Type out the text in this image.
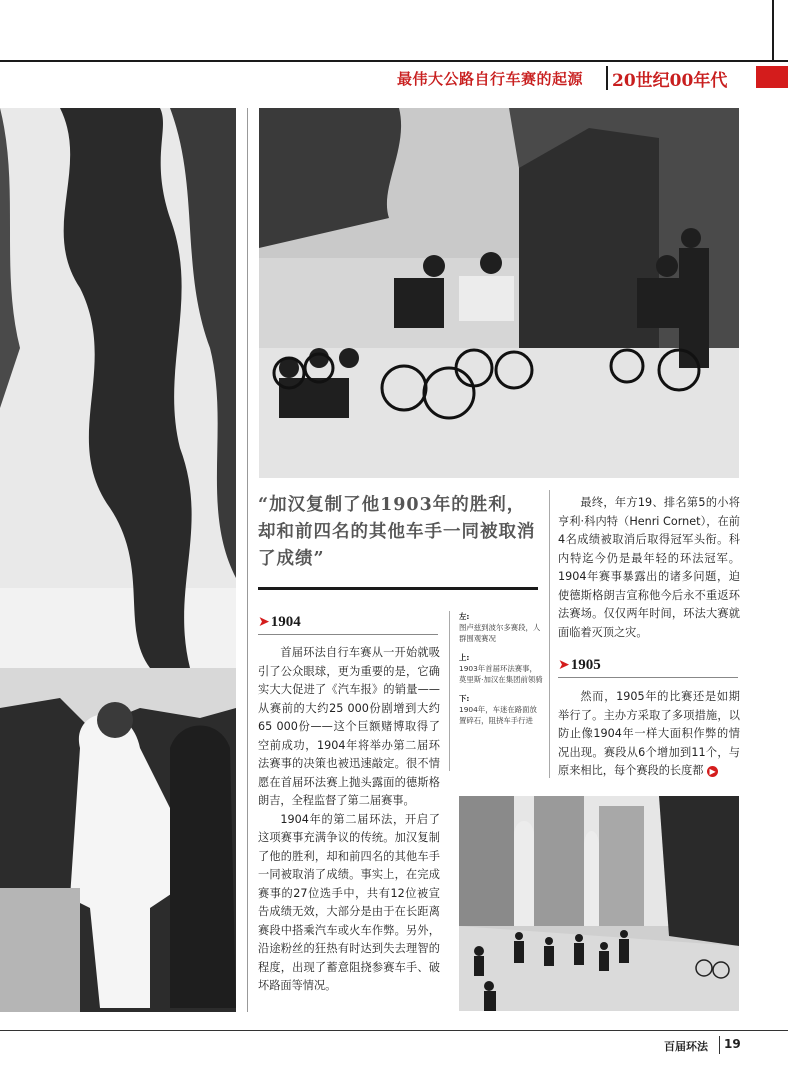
最伟大公路自行车赛的起源	20世纪00年代
“加汉复制了他1903年的胜利，却和前四名的其他车手一同被取消了成绩”
➤ 1904

首届环法自行车赛从一开始就吸引了公众眼球，更为重要的是，它确实大大促进了《汽车报》的销量——从赛前的大约25 000份剧增到大约65 000份——这个巨额赌博取得了空前成功，1904年将举办第二届环法赛事的决策也被迅速敲定。很不情愿在首届环法赛上抛头露面的德斯格朗吉，全程监督了第二届赛事。

1904年的第二届环法，开启了这项赛事充满争议的传统。加汉复制了他的胜利，却和前四名的其他车手一同被取消了成绩。事实上，在完成赛事的27位选手中，共有12位被宣告成绩无效，大部分是由于在长距离赛段中搭乘汽车或火车作弊。另外，沿途粉丝的狂热有时达到失去理智的程度，出现了蓄意阻挠参赛车手、破坏路面等情况。

左:
图卢兹到波尔多赛段，人群围观赛况
上:
1903年首届环法赛事，莫里斯·加汉在集团前领骑
下:
1904年，车迷在路面放置碎石，阻挠车手行进

最终，年方19、排名第5的小将亨利·科内特（Henri Cornet），在前4名成绩被取消后取得冠军头衔。科内特迄今仍是最年轻的环法冠军。1904年赛事暴露出的诸多问题，迫使德斯格朗吉宣称他今后永不重返环法赛场。仅仅两年时间，环法大赛就面临着灭顶之灾。

➤ 1905

然而，1905年的比赛还是如期举行了。主办方采取了多项措施，以防止像1904年一样大面积作弊的情况出现。赛段从6个增加到11个，与原来相比，每个赛段的长度都 ▶

百届环法	19
